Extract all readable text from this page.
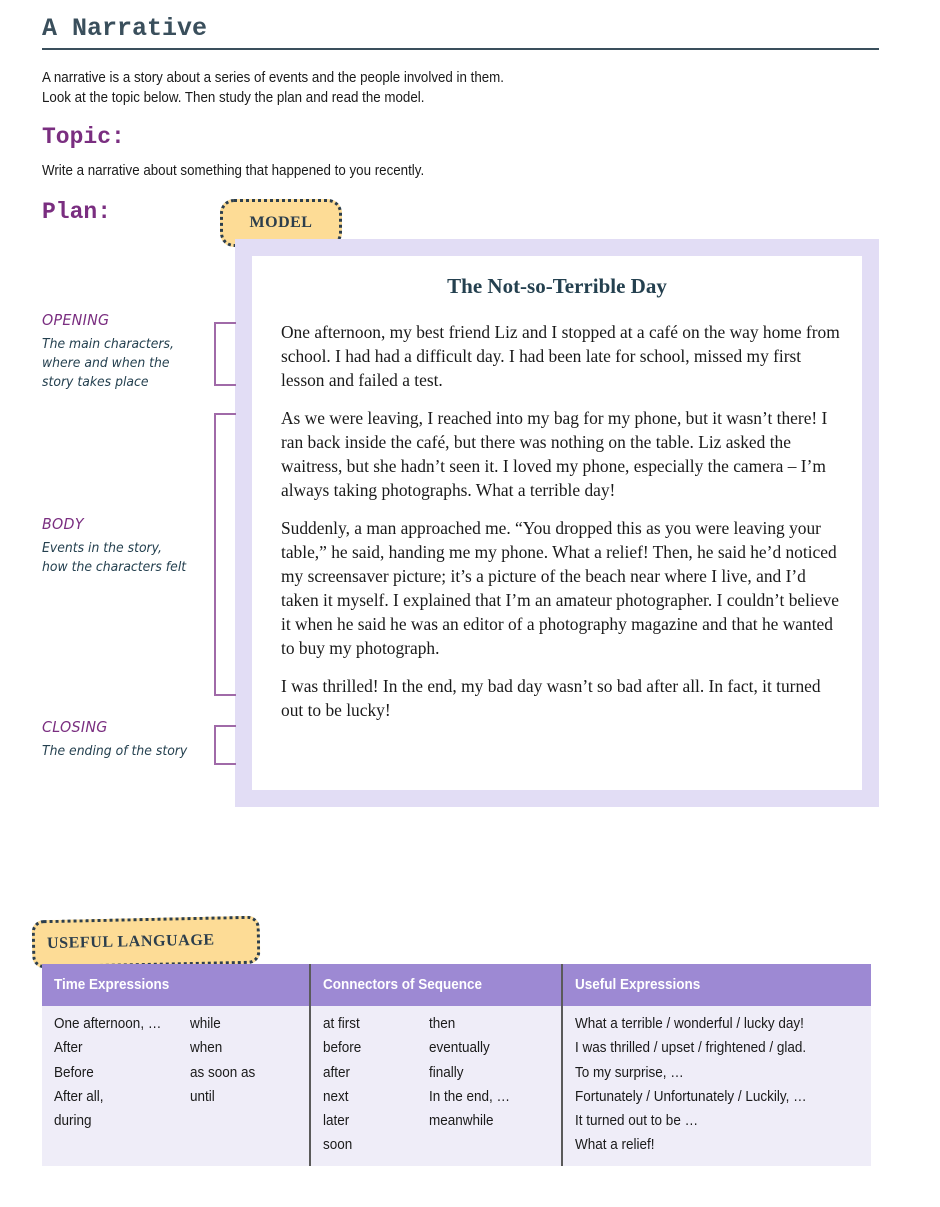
A Narrative

A narrative is a story about a series of events and the people involved in them.

Look at the topic below. Then study the plan and read the model.

Topic:
Write a narrative about something that happened to you recently.
Plan:	MODEL
The Not-so-Terrible Day

One afternoon, my best friend Liz and I stopped at a café on the way home from school. I had had a difficult day. I had been late for school, missed my first lesson and failed a test.

As we were leaving, I reached into my bag for my phone, but it wasn’t there! I ran back inside the café, but there was nothing on the table. Liz asked the waitress, but she hadn’t seen it. I loved my phone, especially the camera – I’m always taking photographs. What a terrible day!

Suddenly, a man approached me. “You dropped this as you were leaving your table,” he said, handing me my phone. What a relief! Then, he said he’d noticed my screensaver picture; it’s a picture of the beach near where I live, and I’d taken it myself. I explained that I’m an amateur photographer. I couldn’t believe it when he said he was an editor of a photography magazine and that he wanted to buy my photograph.

I was thrilled! In the end, my bad day wasn’t so bad after all. In fact, it turned out to be lucky!

OPENING
The main characters, where and when the story takes place
BODY
Events in the story, how the characters felt
CLOSING
The ending of the story
USEFUL LANGUAGE
Time Expressions
One afternoon, …
After
Before
After all,
during
while
when
as soon as
until
Connectors of Sequence
at first
before
after
next
later
soon
then
eventually
finally
In the end, …
meanwhile
Useful Expressions
What a terrible / wonderful / lucky day!
I was thrilled / upset / frightened / glad.
To my surprise, …
Fortunately / Unfortunately / Luckily, …
It turned out to be …
What a relief!
